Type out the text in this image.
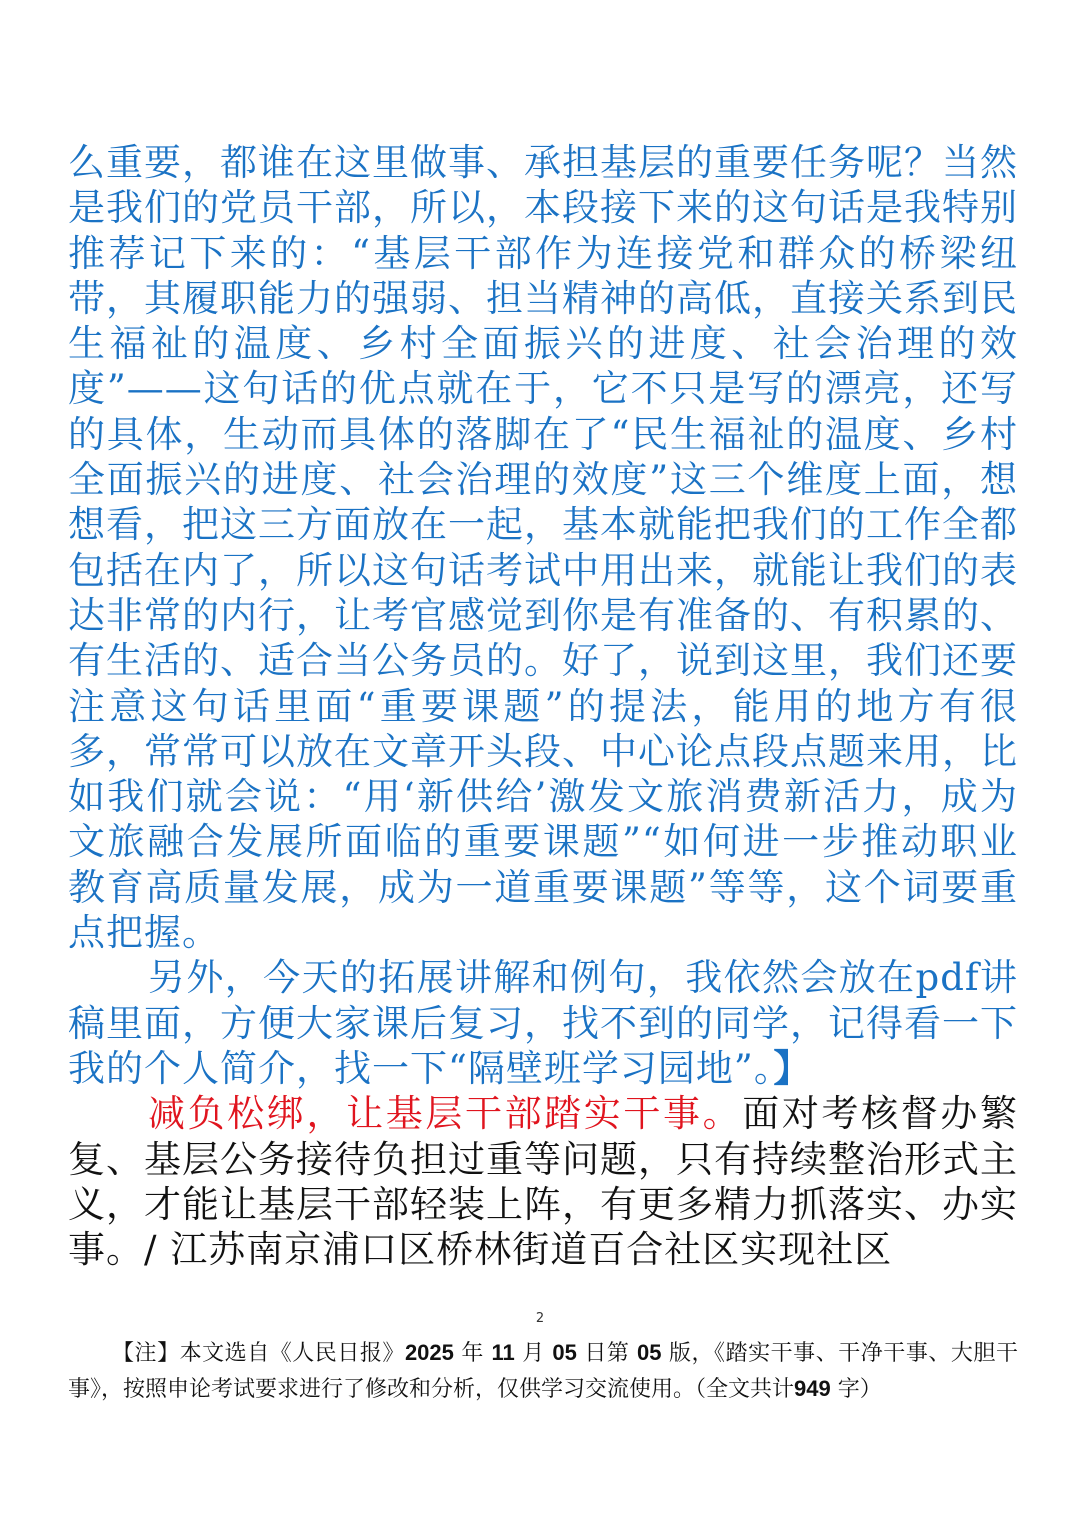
么重要，都谁在这里做事、承担基层的重要任务呢？当然是我们的党员干部，所以，本段接下来的这句话是我特别推荐记下来的：“基层干部作为连接党和群众的桥梁纽带，其履职能力的强弱、担当精神的高低，直接关系到民生福祉的温度、乡村全面振兴的进度、社会治理的效度”——这句话的优点就在于，它不只是写的漂亮，还写的具体，生动而具体的落脚在了“民生福祉的温度、乡村全面振兴的进度、社会治理的效度”这三个维度上面，想想看，把这三方面放在一起，基本就能把我们的工作全都包括在内了，所以这句话考试中用出来，就能让我们的表达非常的内行，让考官感觉到你是有准备的、有积累的、有生活的、适合当公务员的。好了，说到这里，我们还要注意这句话里面“重要课题”的提法，能用的地方有很多，常常可以放在文章开头段、中心论点段点题来用，比如我们就会说：“用‘新供给’激发文旅消费新活力，成为文旅融合发展所面临的重要课题”“如何进一步推动职业教育高质量发展，成为一道重要课题”等等，这个词要重点把握。

另外，今天的拓展讲解和例句，我依然会放在pdf讲稿里面，方便大家课后复习，找不到的同学，记得看一下我的个人简介，找一下“隔壁班学习园地”。】

减负松绑，让基层干部踏实干事。面对考核督办繁复、基层公务接待负担过重等问题，只有持续整治形式主义，才能让基层干部轻装上阵，有更多精力抓落实、办实事。/ 江苏南京浦口区桥林街道百合社区实现社区

2
【注】本文选自《人民日报》2025 年 11 月 05 日第 05 版，《踏实干事、干净干事、大胆干事》，按照申论考试要求进行了修改和分析，仅供学习交流使用。（全文共计949 字）
